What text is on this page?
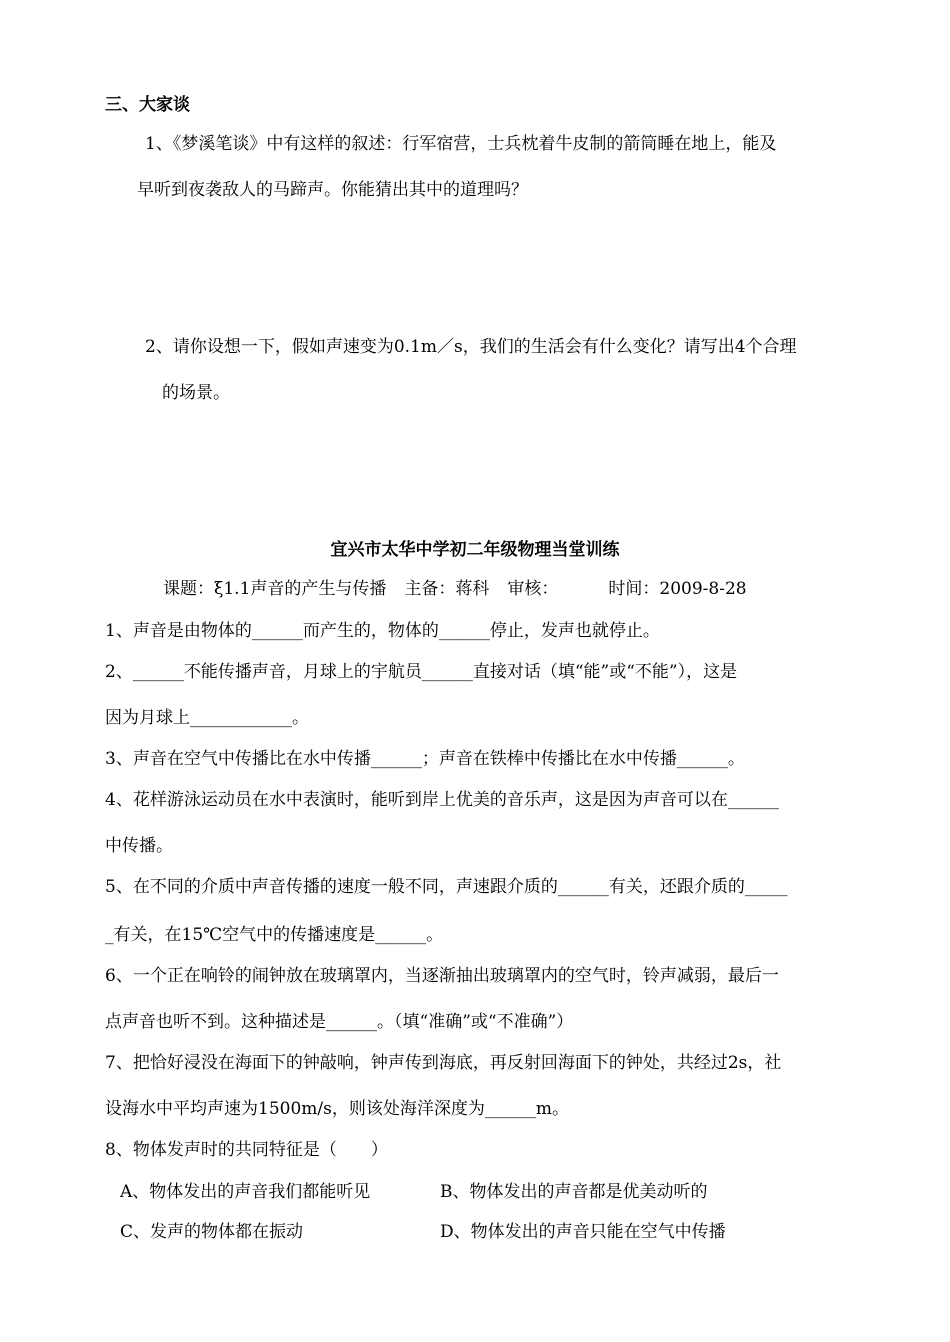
三、大家谈
1、《梦溪笔谈》中有这样的叙述：行军宿营，士兵枕着牛皮制的箭筒睡在地上，能及
早听到夜袭敌人的马蹄声。你能猜出其中的道理吗？
2、请你设想一下，假如声速变为0.1m／s，我们的生活会有什么变化？请写出4个合理
的场景。
宜兴市太华中学初二年级物理当堂训练
课题：ξ1.1声音的产生与传播 主备：蒋科 审核：	时间：2009-8-28
1、声音是由物体的______而产生的，物体的______停止，发声也就停止。
2、______不能传播声音，月球上的宇航员______直接对话（填“能”或“不能”），这是
因为月球上____________。
3、声音在空气中传播比在水中传播______；声音在铁棒中传播比在水中传播______。
4、花样游泳运动员在水中表演时，能听到岸上优美的音乐声，这是因为声音可以在______
中传播。
5、在不同的介质中声音传播的速度一般不同，声速跟介质的______有关，还跟介质的_____
_有关，在15℃空气中的传播速度是______。
6、一个正在响铃的闹钟放在玻璃罩内，当逐渐抽出玻璃罩内的空气时，铃声减弱，最后一
点声音也听不到。这种描述是______。（填“准确”或“不准确”）
7、把恰好浸没在海面下的钟敲响，钟声传到海底，再反射回海面下的钟处，共经过2s，社
设海水中平均声速为1500m/s，则该处海洋深度为______m。
8、物体发声时的共同特征是（　　）
A、物体发出的声音我们都能听见	B、物体发出的声音都是优美动听的
C、发声的物体都在振动	D、物体发出的声音只能在空气中传播
